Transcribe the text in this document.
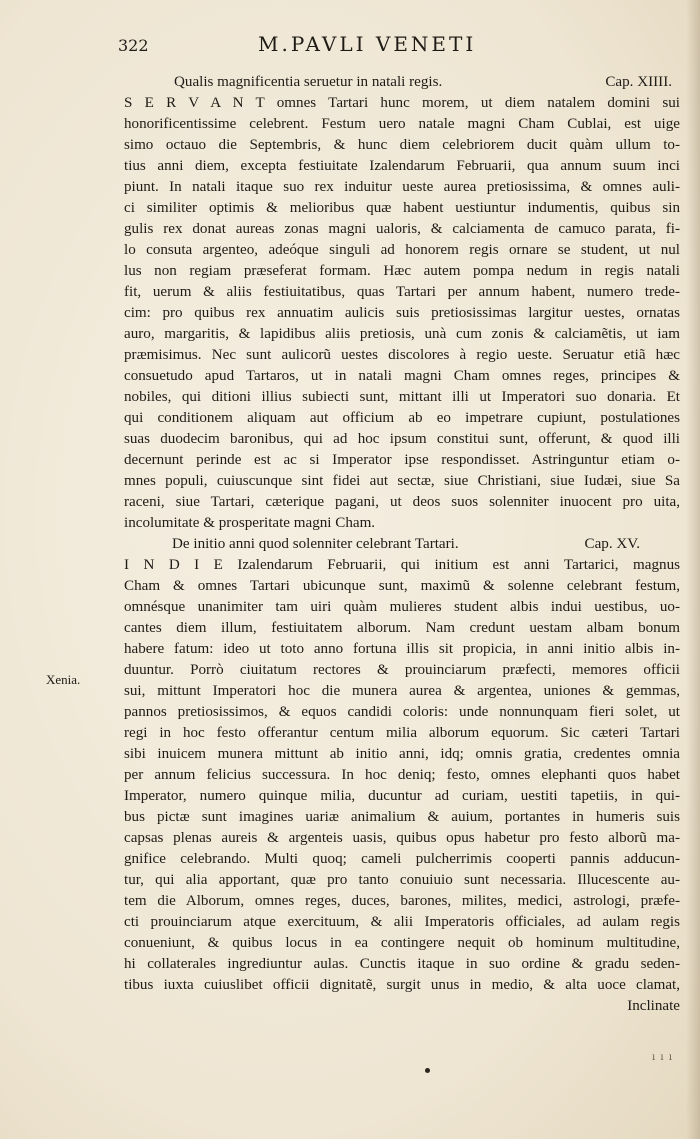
322	M.PAVLI VENETI
Qualis magnificentia seruetur in natali regis.	Cap. XIIII.
S E R V A N T omnes Tartari hunc morem, ut diem natalem domini sui
honorificentissime celebrent. Festum uero natale magni Cham Cublai, est uige
simo octauo die Septembris, & hunc diem celebriorem ducit quàm ullum to-
tius anni diem, excepta festiuitate Izalendarum Februarii, qua annum suum inci
piunt. In natali itaque suo rex induitur ueste aurea pretiosissima, & omnes auli-
ci similiter optimis & melioribus quæ habent uestiuntur indumentis, quibus sin
gulis rex donat aureas zonas magni ualoris, & calciamenta de camuco parata, fi-
lo consuta argenteo, adeóque singuli ad honorem regis ornare se student, ut nul
lus non regiam præseferat formam. Hæc autem pompa nedum in regis natali
fit, uerum & aliis festiuitatibus, quas Tartari per annum habent, numero trede-
cim: pro quibus rex annuatim aulicis suis pretiosissimas largitur uestes, ornatas
auro, margaritis, & lapidibus aliis pretiosis, unà cum zonis & calciamẽtis, ut iam
præmisimus. Nec sunt aulicorũ uestes discolores à regio ueste. Seruatur etiã hæc
consuetudo apud Tartaros, ut in natali magni Cham omnes reges, principes &
nobiles, qui ditioni illius subiecti sunt, mittant illi ut Imperatori suo donaria. Et
qui conditionem aliquam aut officium ab eo impetrare cupiunt, postulationes
suas duodecim baronibus, qui ad hoc ipsum constitui sunt, offerunt, & quod illi
decernunt perinde est ac si Imperator ipse respondisset. Astringuntur etiam o-
mnes populi, cuiuscunque sint fidei aut sectæ, siue Christiani, siue Iudæi, siue Sa
raceni, siue Tartari, cæterique pagani, ut deos suos solenniter inuocent pro uita,
incolumitate & prosperitate magni Cham.
De initio anni quod solenniter celebrant Tartari.	Cap. XV.
I N D I E Izalendarum Februarii, qui initium est anni Tartarici, magnus
Cham & omnes Tartari ubicunque sunt, maximũ & solenne celebrant festum,
omnésque unanimiter tam uiri quàm mulieres student albis indui uestibus, uo-
cantes diem illum, festiuitatem alborum. Nam credunt uestam albam bonum
habere fatum: ideo ut toto anno fortuna illis sit propicia, in anni initio albis in-
duuntur. Porrò ciuitatum rectores & prouinciarum præfecti, memores officii
sui, mittunt Imperatori hoc die munera aurea & argentea, uniones & gemmas,
pannos pretiosissimos, & equos candidi coloris: unde nonnunquam fieri solet, ut
regi in hoc festo offerantur centum milia alborum equorum. Sic cæteri Tartari
sibi inuicem munera mittunt ab initio anni, idq; omnis gratia, credentes omnia
per annum felicius successura. In hoc deniq; festo, omnes elephanti quos habet
Imperator, numero quinque milia, ducuntur ad curiam, uestiti tapetiis, in qui-
bus pictæ sunt imagines uariæ animalium & auium, portantes in humeris suis
capsas plenas aureis & argenteis uasis, quibus opus habetur pro festo alborũ ma-
gnifice celebrando. Multi quoq; cameli pulcherrimis cooperti pannis adducun-
tur, qui alia apportant, quæ pro tanto conuiuio sunt necessaria. Illucescente au-
tem die Alborum, omnes reges, duces, barones, milites, medici, astrologi, præfe-
cti prouinciarum atque exercituum, & alii Imperatoris officiales, ad aulam regis
conueniunt, & quibus locus in ea contingere nequit ob hominum multitudine,
hi collaterales ingrediuntur aulas. Cunctis itaque in suo ordine & gradu seden-
tibus iuxta cuiuslibet officii dignitatẽ, surgit unus in medio, & alta uoce clamat,
Inclinate
Xenia.
ı ı ı
